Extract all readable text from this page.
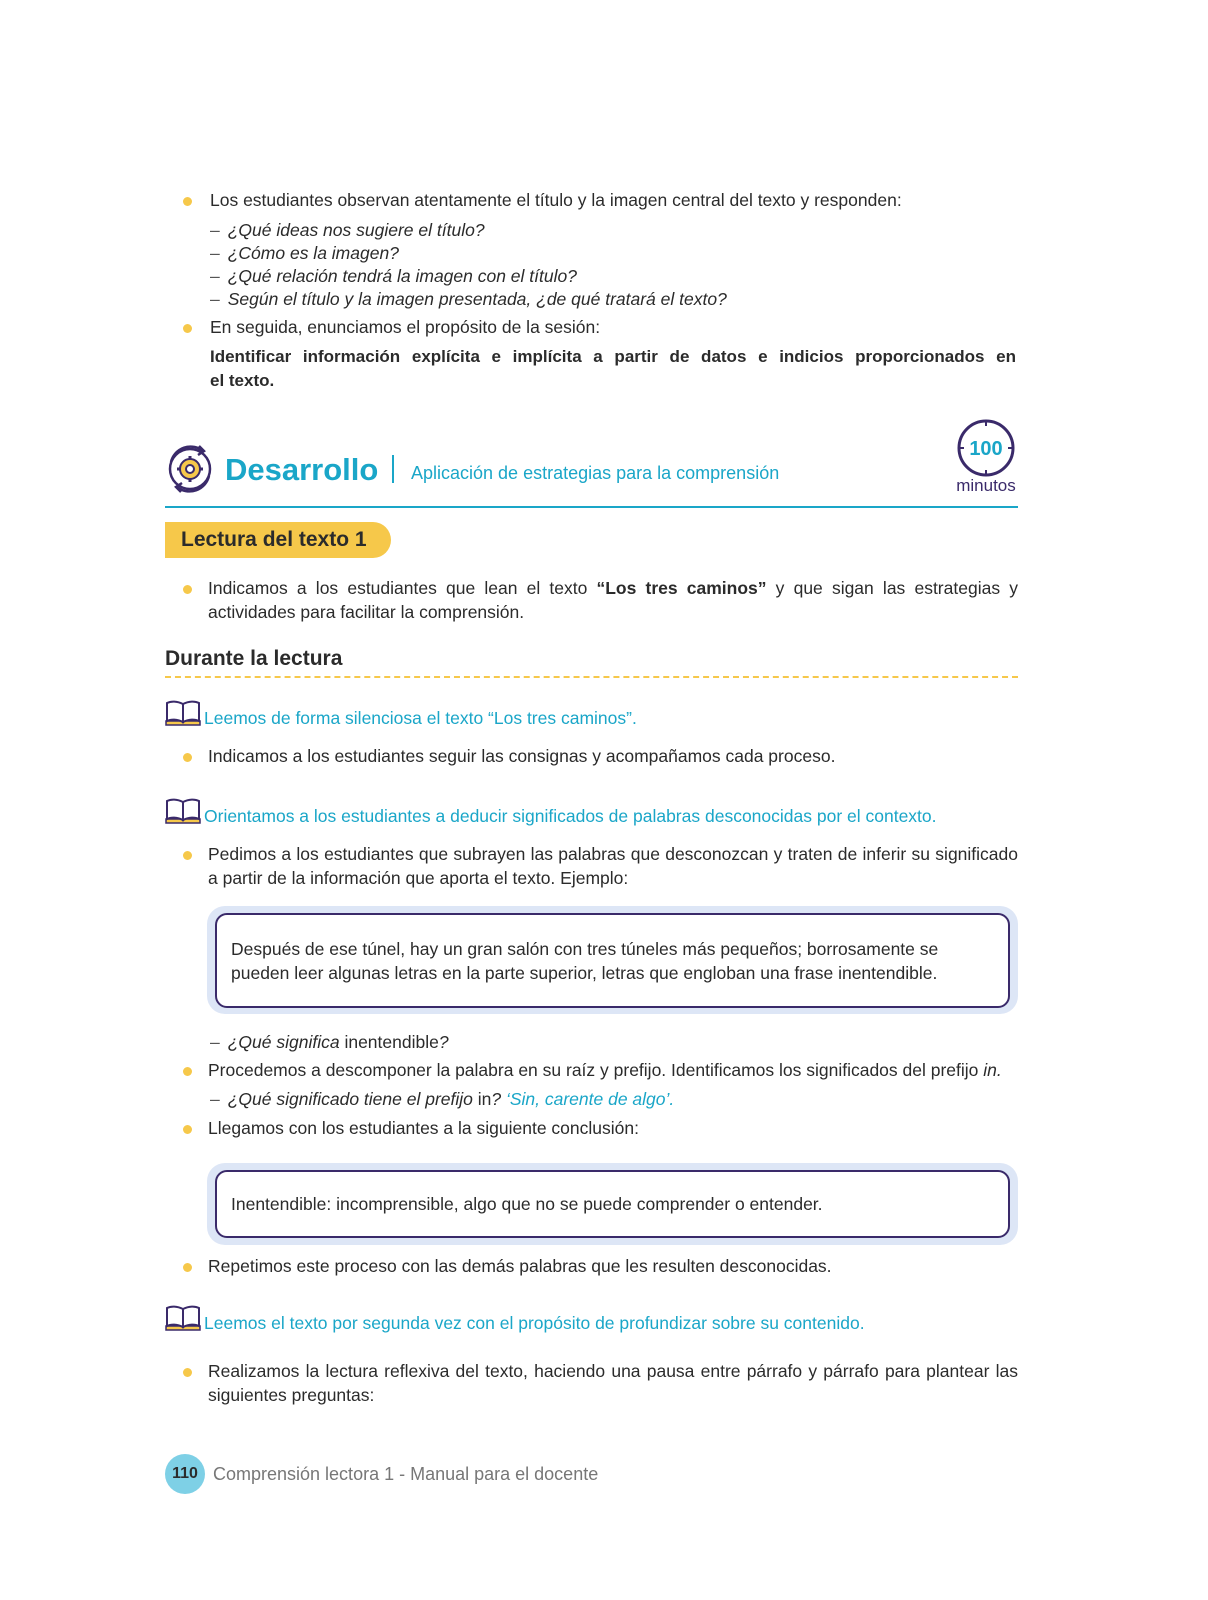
Los estudiantes observan atentamente el título y la imagen central del texto y responden:
– ¿Qué ideas nos sugiere el título?
– ¿Cómo es la imagen?
– ¿Qué relación tendrá la imagen con el título?
– Según el título y la imagen presentada, ¿de qué tratará el texto?
En seguida, enunciamos el propósito de la sesión:
Identificar información explícita e implícita a partir de datos e indicios proporcionados en
el texto.
Desarrollo Aplicación de estrategias para la comprensión
100
minutos
Lectura del texto 1
Indicamos a los estudiantes que lean el texto “Los tres caminos” y que sigan las estrategias y actividades para facilitar la comprensión.
Durante la lectura
Leemos de forma silenciosa el texto “Los tres caminos”.
Indicamos a los estudiantes seguir las consignas y acompañamos cada proceso.
Orientamos a los estudiantes a deducir significados de palabras desconocidas por el contexto.
Pedimos a los estudiantes que subrayen las palabras que desconozcan y traten de inferir su significado a partir de la información que aporta el texto. Ejemplo:
Después de ese túnel, hay un gran salón con tres túneles más pequeños; borrosamente se pueden leer algunas letras en la parte superior, letras que engloban una frase inentendible.
– ¿Qué significa inentendible?
Procedemos a descomponer la palabra en su raíz y prefijo. Identificamos los significados del prefijo in.
– ¿Qué significado tiene el prefijo in? ‘Sin, carente de algo’.
Llegamos con los estudiantes a la siguiente conclusión:
Inentendible: incomprensible, algo que no se puede comprender o entender.
Repetimos este proceso con las demás palabras que les resulten desconocidas.
Leemos el texto por segunda vez con el propósito de profundizar sobre su contenido.
Realizamos la lectura reflexiva del texto, haciendo una pausa entre párrafo y párrafo para plantear las siguientes preguntas:
110 Comprensión lectora 1 - Manual para el docente
